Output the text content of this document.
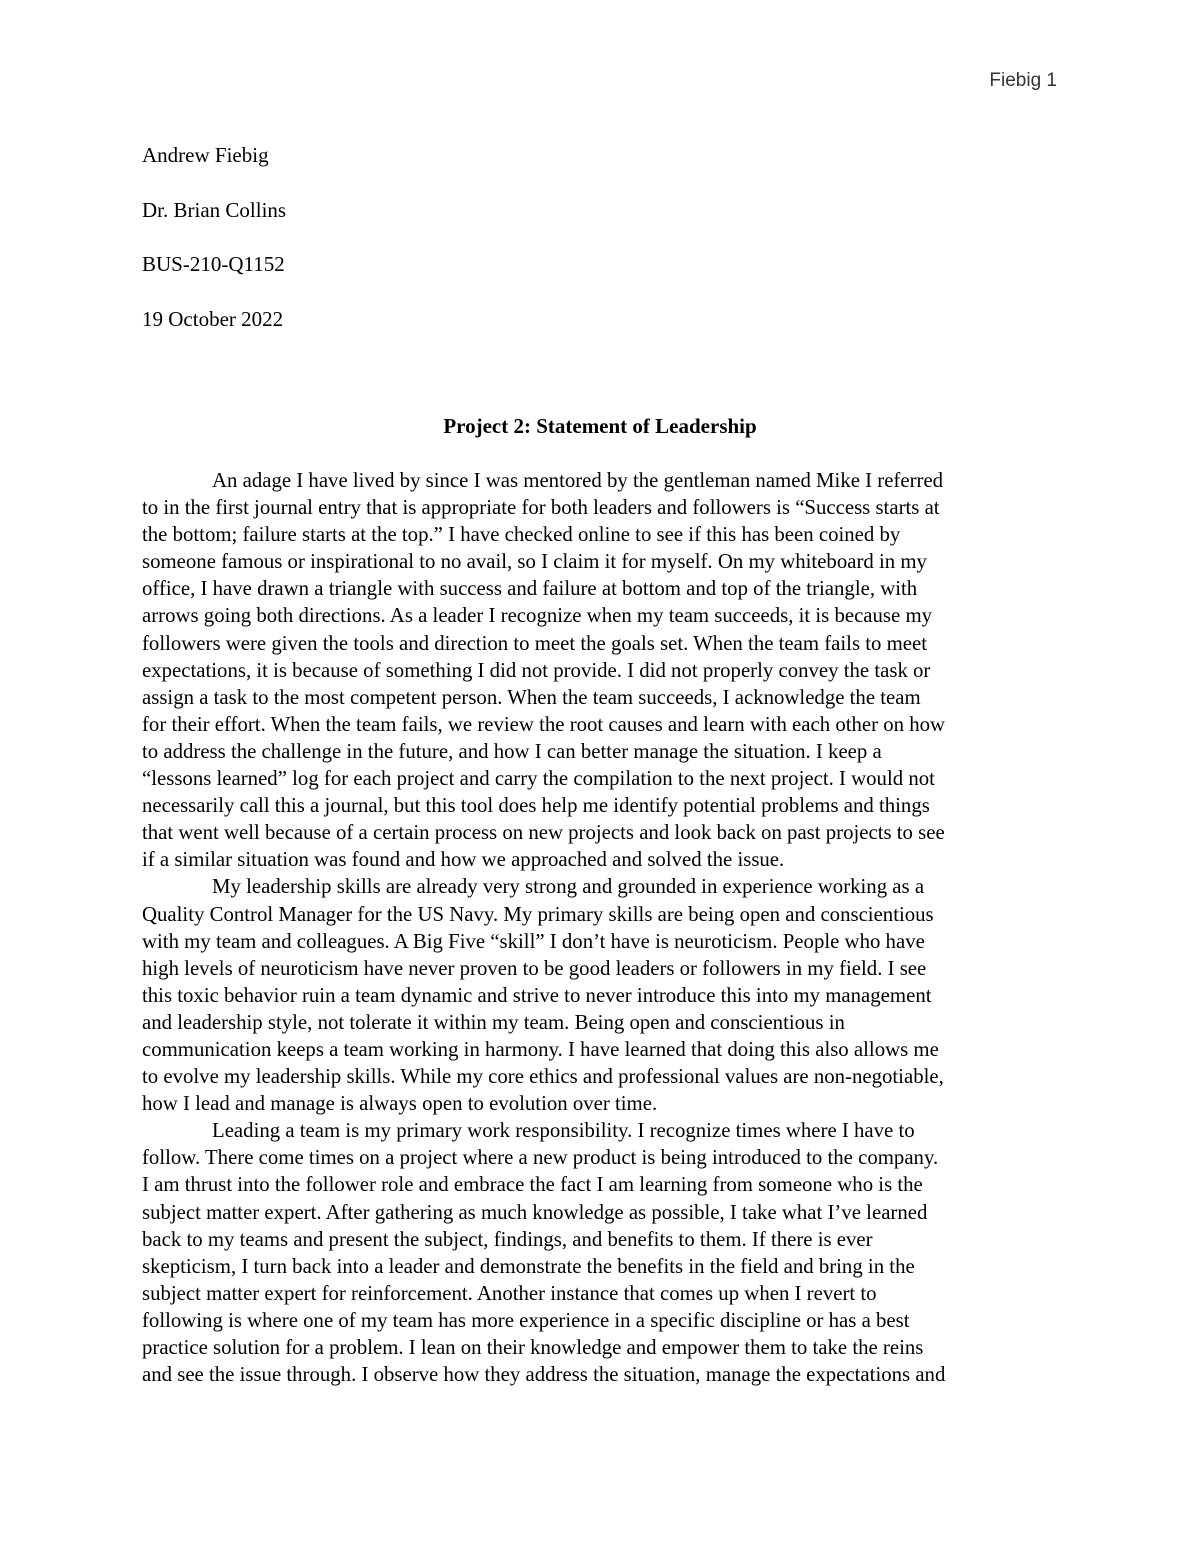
Fiebig 1

Andrew Fiebig

Dr. Brian Collins

BUS-210-Q1152

19 October 2022

Project 2: Statement of Leadership
An adage I have lived by since I was mentored by the gentleman named Mike I referred
to in the first journal entry that is appropriate for both leaders and followers is “Success starts at
the bottom; failure starts at the top.” I have checked online to see if this has been coined by
someone famous or inspirational to no avail, so I claim it for myself. On my whiteboard in my
office, I have drawn a triangle with success and failure at bottom and top of the triangle, with
arrows going both directions. As a leader I recognize when my team succeeds, it is because my
followers were given the tools and direction to meet the goals set. When the team fails to meet
expectations, it is because of something I did not provide. I did not properly convey the task or
assign a task to the most competent person. When the team succeeds, I acknowledge the team
for their effort. When the team fails, we review the root causes and learn with each other on how
to address the challenge in the future, and how I can better manage the situation. I keep a
“lessons learned” log for each project and carry the compilation to the next project. I would not
necessarily call this a journal, but this tool does help me identify potential problems and things
that went well because of a certain process on new projects and look back on past projects to see
if a similar situation was found and how we approached and solved the issue.
My leadership skills are already very strong and grounded in experience working as a
Quality Control Manager for the US Navy. My primary skills are being open and conscientious
with my team and colleagues. A Big Five “skill” I don’t have is neuroticism. People who have
high levels of neuroticism have never proven to be good leaders or followers in my field. I see
this toxic behavior ruin a team dynamic and strive to never introduce this into my management
and leadership style, not tolerate it within my team. Being open and conscientious in
communication keeps a team working in harmony. I have learned that doing this also allows me
to evolve my leadership skills. While my core ethics and professional values are non-negotiable,
how I lead and manage is always open to evolution over time.
Leading a team is my primary work responsibility. I recognize times where I have to
follow. There come times on a project where a new product is being introduced to the company.
I am thrust into the follower role and embrace the fact I am learning from someone who is the
subject matter expert. After gathering as much knowledge as possible, I take what I’ve learned
back to my teams and present the subject, findings, and benefits to them. If there is ever
skepticism, I turn back into a leader and demonstrate the benefits in the field and bring in the
subject matter expert for reinforcement. Another instance that comes up when I revert to
following is where one of my team has more experience in a specific discipline or has a best
practice solution for a problem. I lean on their knowledge and empower them to take the reins
and see the issue through. I observe how they address the situation, manage the expectations and
